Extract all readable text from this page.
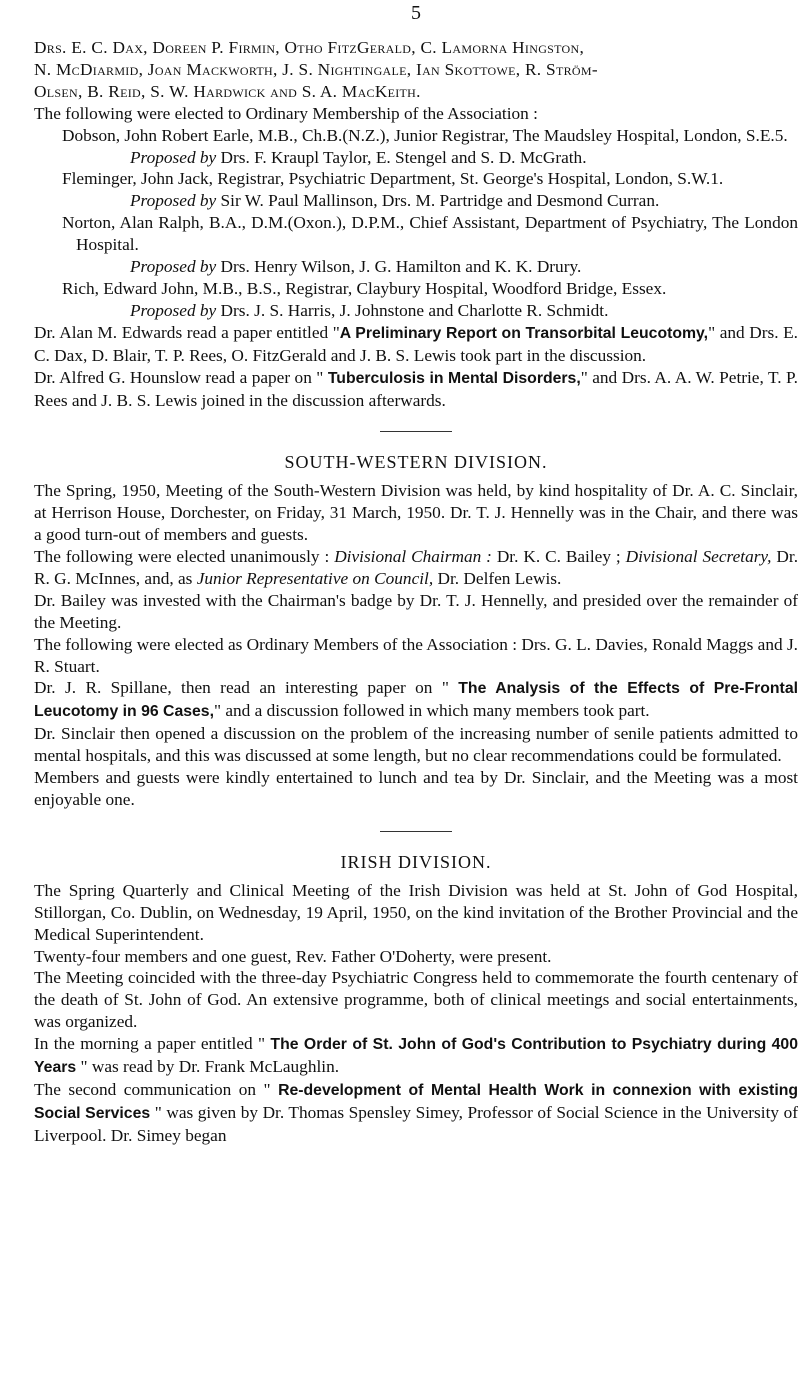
5

Drs. E. C. Dax, Doreen P. Firmin, Otho FitzGerald, C. Lamorna Hingston,

N. McDiarmid, Joan Mackworth, J. S. Nightingale, Ian Skottowe, R. Ström-

Olsen, B. Reid, S. W. Hardwick and S. A. MacKeith.

The following were elected to Ordinary Membership of the Association :

Dobson, John Robert Earle, M.B., Ch.B.(N.Z.), Junior Registrar, The Maudsley Hospital, London, S.E.5.

Proposed by Drs. F. Kraupl Taylor, E. Stengel and S. D. McGrath.

Fleminger, John Jack, Registrar, Psychiatric Department, St. George's Hospital, London, S.W.1.

Proposed by Sir W. Paul Mallinson, Drs. M. Partridge and Desmond Curran.

Norton, Alan Ralph, B.A., D.M.(Oxon.), D.P.M., Chief Assistant, Department of Psychiatry, The London Hospital.

Proposed by Drs. Henry Wilson, J. G. Hamilton and K. K. Drury.

Rich, Edward John, M.B., B.S., Registrar, Claybury Hospital, Woodford Bridge, Essex.

Proposed by Drs. J. S. Harris, J. Johnstone and Charlotte R. Schmidt.

Dr. Alan M. Edwards read a paper entitled "A Preliminary Report on Transorbital Leucotomy," and Drs. E. C. Dax, D. Blair, T. P. Rees, O. FitzGerald and J. B. S. Lewis took part in the discussion.

Dr. Alfred G. Hounslow read a paper on " Tuberculosis in Mental Disorders," and Drs. A. A. W. Petrie, T. P. Rees and J. B. S. Lewis joined in the discussion afterwards.

SOUTH-WESTERN DIVISION.

The Spring, 1950, Meeting of the South-Western Division was held, by kind hospitality of Dr. A. C. Sinclair, at Herrison House, Dorchester, on Friday, 31 March, 1950. Dr. T. J. Hennelly was in the Chair, and there was a good turn-out of members and guests.

The following were elected unanimously : Divisional Chairman : Dr. K. C. Bailey ; Divisional Secretary, Dr. R. G. McInnes, and, as Junior Representative on Council, Dr. Delfen Lewis.

Dr. Bailey was invested with the Chairman's badge by Dr. T. J. Hennelly, and presided over the remainder of the Meeting.

The following were elected as Ordinary Members of the Association : Drs. G. L. Davies, Ronald Maggs and J. R. Stuart.

Dr. J. R. Spillane, then read an interesting paper on " The Analysis of the Effects of Pre-Frontal Leucotomy in 96 Cases," and a discussion followed in which many members took part.

Dr. Sinclair then opened a discussion on the problem of the increasing number of senile patients admitted to mental hospitals, and this was discussed at some length, but no clear recommendations could be formulated.

Members and guests were kindly entertained to lunch and tea by Dr. Sinclair, and the Meeting was a most enjoyable one.

IRISH DIVISION.

The Spring Quarterly and Clinical Meeting of the Irish Division was held at St. John of God Hospital, Stillorgan, Co. Dublin, on Wednesday, 19 April, 1950, on the kind invitation of the Brother Provincial and the Medical Superintendent.

Twenty-four members and one guest, Rev. Father O'Doherty, were present.

The Meeting coincided with the three-day Psychiatric Congress held to commemorate the fourth centenary of the death of St. John of God. An extensive programme, both of clinical meetings and social entertainments, was organized.

In the morning a paper entitled " The Order of St. John of God's Contribution to Psychiatry during 400 Years " was read by Dr. Frank McLaughlin.

The second communication on " Re-development of Mental Health Work in connexion with existing Social Services " was given by Dr. Thomas Spensley Simey, Professor of Social Science in the University of Liverpool. Dr. Simey began
